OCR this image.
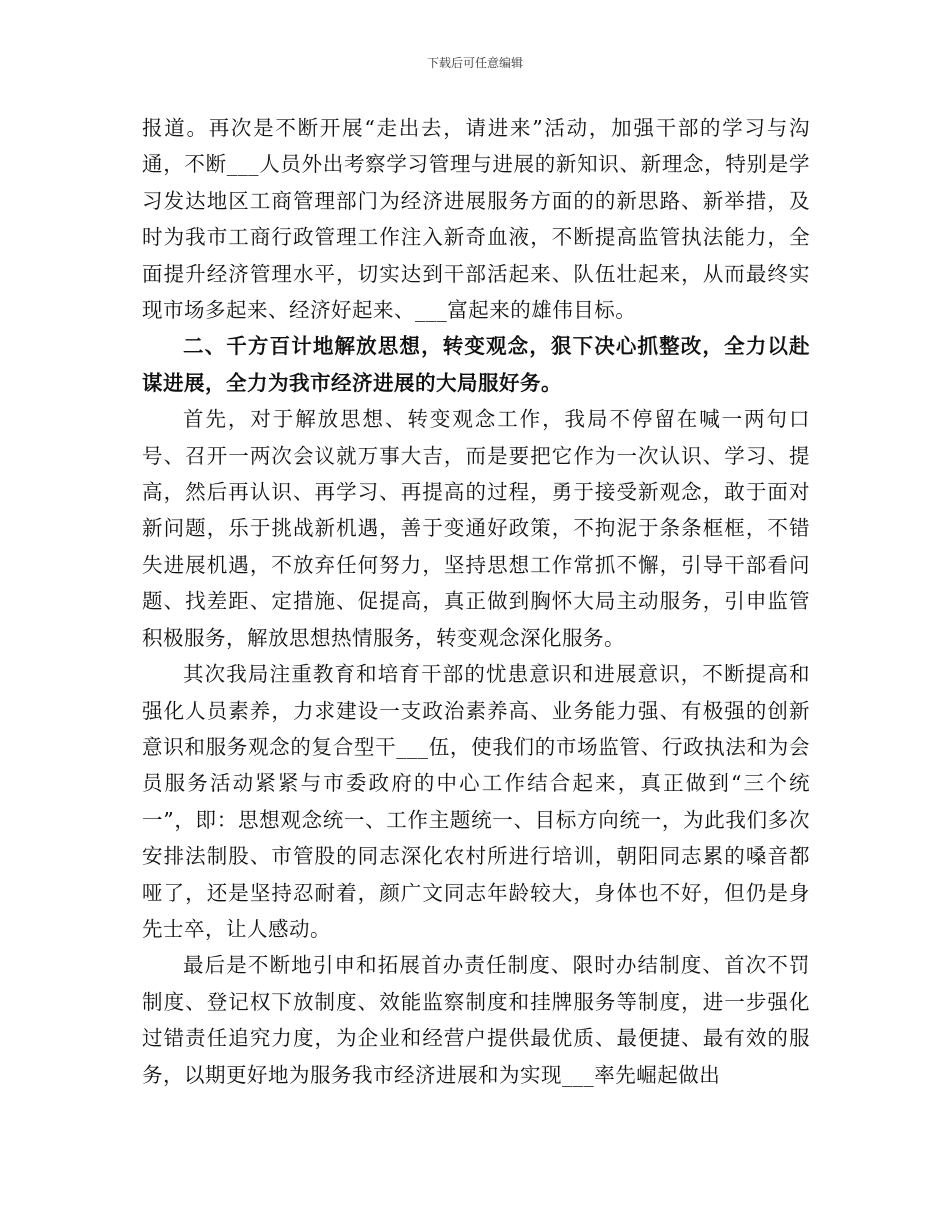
下载后可任意编辑

报道。再次是不断开展“走出去，请进来”活动，加强干部的学习与沟通，不断___人员外出考察学习管理与进展的新知识、新理念，特别是学习发达地区工商管理部门为经济进展服务方面的的新思路、新举措，及时为我市工商行政管理工作注入新奇血液，不断提高监管执法能力，全面提升经济管理水平，切实达到干部活起来、队伍壮起来，从而最终实现市场多起来、经济好起来、___富起来的雄伟目标。

二、千方百计地解放思想，转变观念，狠下决心抓整改，全力以赴谋进展，全力为我市经济进展的大局服好务。

首先，对于解放思想、转变观念工作，我局不停留在喊一两句口号、召开一两次会议就万事大吉，而是要把它作为一次认识、学习、提高，然后再认识、再学习、再提高的过程，勇于接受新观念，敢于面对新问题，乐于挑战新机遇，善于变通好政策，不拘泥于条条框框，不错失进展机遇，不放弃任何努力，坚持思想工作常抓不懈，引导干部看问题、找差距、定措施、促提高，真正做到胸怀大局主动服务，引申监管积极服务，解放思想热情服务，转变观念深化服务。

其次我局注重教育和培育干部的忧患意识和进展意识，不断提高和强化人员素养，力求建设一支政治素养高、业务能力强、有极强的创新意识和服务观念的复合型干___伍，使我们的市场监管、行政执法和为会员服务活动紧紧与市委政府的中心工作结合起来，真正做到“三个统一”，即：思想观念统一、工作主题统一、目标方向统一，为此我们多次安排法制股、市管股的同志深化农村所进行培训，朝阳同志累的嗓音都哑了，还是坚持忍耐着，颜广文同志年龄较大，身体也不好，但仍是身先士卒，让人感动。

最后是不断地引申和拓展首办责任制度、限时办结制度、首次不罚制度、登记权下放制度、效能监察制度和挂牌服务等制度，进一步强化过错责任追究力度，为企业和经营户提供最优质、最便捷、最有效的服务，以期更好地为服务我市经济进展和为实现___率先崛起做出
